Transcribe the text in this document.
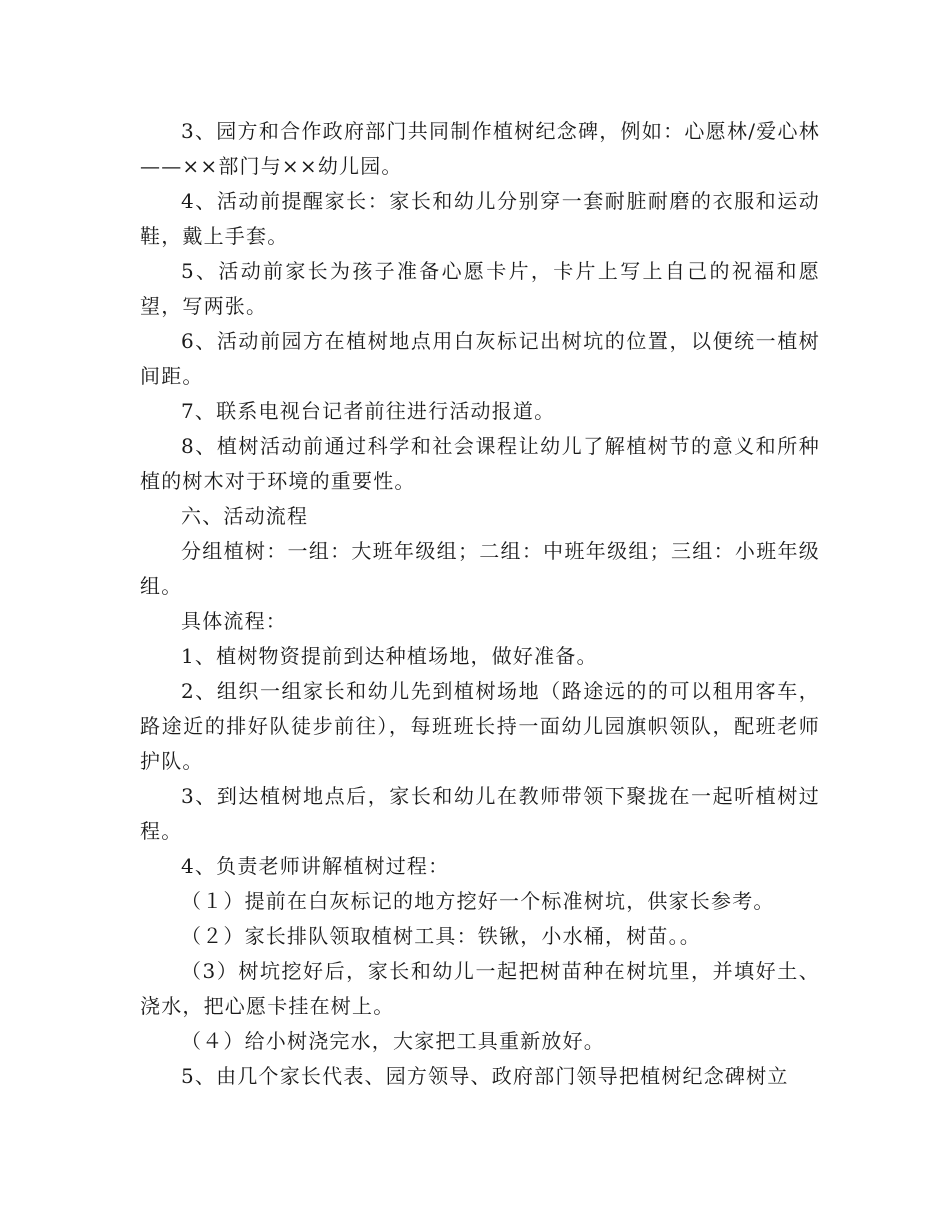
3、园方和合作政府部门共同制作植树纪念碑，例如：心愿林/爱心林——××部门与××幼儿园。

4、活动前提醒家长：家长和幼儿分别穿一套耐脏耐磨的衣服和运动鞋，戴上手套。

5、活动前家长为孩子准备心愿卡片，卡片上写上自己的祝福和愿望，写两张。

6、活动前园方在植树地点用白灰标记出树坑的位置，以便统一植树间距。

7、联系电视台记者前往进行活动报道。

8、植树活动前通过科学和社会课程让幼儿了解植树节的意义和所种植的树木对于环境的重要性。

六、活动流程

分组植树：一组：大班年级组；二组：中班年级组；三组：小班年级组。

具体流程：

1、植树物资提前到达种植场地，做好准备。

2、组织一组家长和幼儿先到植树场地（路途远的的可以租用客车，路途近的排好队徒步前往），每班班长持一面幼儿园旗帜领队，配班老师护队。

3、到达植树地点后，家长和幼儿在教师带领下聚拢在一起听植树过程。

4、负责老师讲解植树过程：

（１）提前在白灰标记的地方挖好一个标准树坑，供家长参考。

（２）家长排队领取植树工具：铁锹，小水桶，树苗。。

（3）树坑挖好后，家长和幼儿一起把树苗种在树坑里，并填好土、浇水，把心愿卡挂在树上。

（４）给小树浇完水，大家把工具重新放好。

5、由几个家长代表、园方领导、政府部门领导把植树纪念碑树立
